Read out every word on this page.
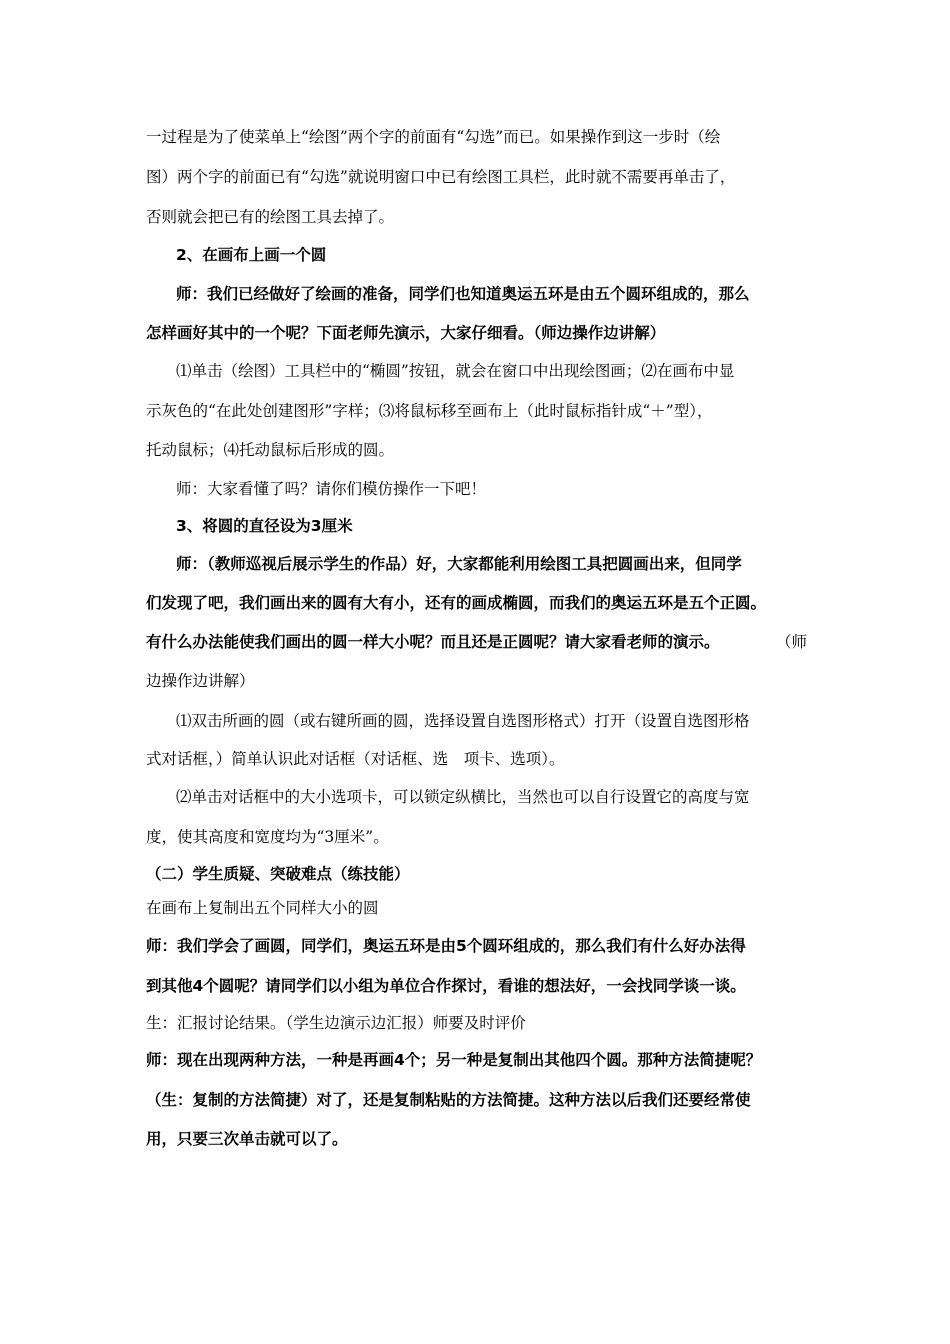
一过程是为了使菜单上“绘图”两个字的前面有“勾选”而已。如果操作到这一步时（绘
图）两个字的前面已有“勾选”就说明窗口中已有绘图工具栏，此时就不需要再单击了，
否则就会把已有的绘图工具去掉了。
2、在画布上画一个圆
师：我们已经做好了绘画的准备，同学们也知道奥运五环是由五个圆环组成的，那么
怎样画好其中的一个呢？下面老师先演示，大家仔细看。（师边操作边讲解）
⑴单击（绘图）工具栏中的“椭圆”按钮，就会在窗口中出现绘图画；⑵在画布中显
示灰色的“在此处创建图形”字样；⑶将鼠标移至画布上（此时鼠标指针成“＋”型），
托动鼠标；⑷托动鼠标后形成的圆。
师：大家看懂了吗？请你们模仿操作一下吧！
3、将圆的直径设为3厘米
师：（教师巡视后展示学生的作品）好，大家都能利用绘图工具把圆画出来，但同学
们发现了吧，我们画出来的圆有大有小，还有的画成椭圆，而我们的奥运五环是五个正圆。
有什么办法能使我们画出的圆一样大小呢？而且还是正圆呢？请大家看老师的演示。	（师
边操作边讲解）
⑴双击所画的圆（或右键所画的圆，选择设置自选图形格式）打开（设置自选图形格
式对话框，）简单认识此对话框（对话框、选　项卡、选项）。
⑵单击对话框中的大小选项卡，可以锁定纵横比，当然也可以自行设置它的高度与宽
度，使其高度和宽度均为“3厘米”。
（二）学生质疑、突破难点（练技能）
在画布上复制出五个同样大小的圆
师：我们学会了画圆，同学们，奥运五环是由5个圆环组成的，那么我们有什么好办法得
到其他4个圆呢？请同学们以小组为单位合作探讨，看谁的想法好，一会找同学谈一谈。
生：汇报讨论结果。（学生边演示边汇报）师要及时评价
师：现在出现两种方法，一种是再画4个；另一种是复制出其他四个圆。那种方法简捷呢？
（生：复制的方法简捷）对了，还是复制粘贴的方法简捷。这种方法以后我们还要经常使
用，只要三次单击就可以了。
